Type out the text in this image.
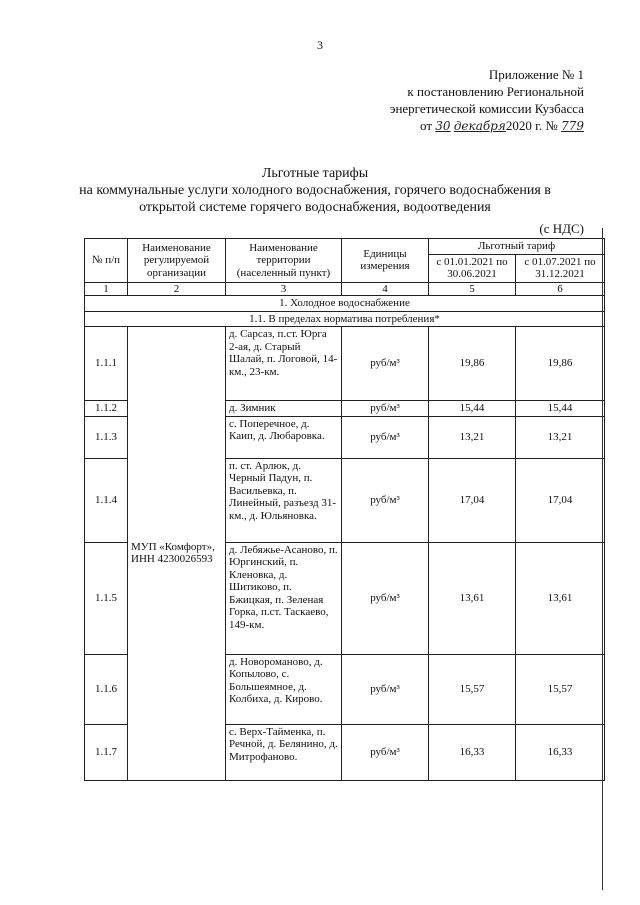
3
Приложение № 1
к постановлению Региональной
энергетической комиссии Кузбасса
от 30 декабря2020 г. № 779
Льготные тарифы
на коммунальные услуги холодного водоснабжения, горячего водоснабжения в
открытой системе горячего водоснабжения, водоотведения
(с НДС)
№ п/п	Наименование регулируемой организации	Наименование территории (населенный пункт)	Единицы измерения	Льготный тариф	
				с 01.01.2021 по 30.06.2021	с 01.07.2021 по 31.12.2021
1	2	3	4	5	6
1. Холодное водоснабжение					
1.1. В пределах норматива потребления*					
1.1.1	МУП «Комфорт», ИНН 4230026593	д. Сарсаз, п.ст. Юрга 2-ая, д. Старый Шалай, п. Логовой, 14-км., 23-км.	руб/м³	19,86	19,86
1.1.2		д. Зимник	руб/м³	15,44	15,44
1.1.3		с. Поперечное, д. Каип, д. Любаровка.	руб/м³	13,21	13,21
1.1.4		п. ст. Арлюк, д. Черный Падун, п. Васильевка, п. Линейный, разъезд 31-км., д. Юльяновка.	руб/м³	17,04	17,04
1.1.5		д. Лебяжье-Асаново, п. Юргинский, п. Кленовка, д. Шитиково, п. Бжицкая, п. Зеленая Горка, п.ст. Таскаево, 149-км.	руб/м³	13,61	13,61
1.1.6		д. Новороманово, д. Копылово, с. Большеямное, д. Колбиха, д. Кирово.	руб/м³	15,57	15,57
1.1.7		с. Верх-Тайменка, п. Речной, д. Белянино, д. Митрофаново.	руб/м³	16,33	16,33
